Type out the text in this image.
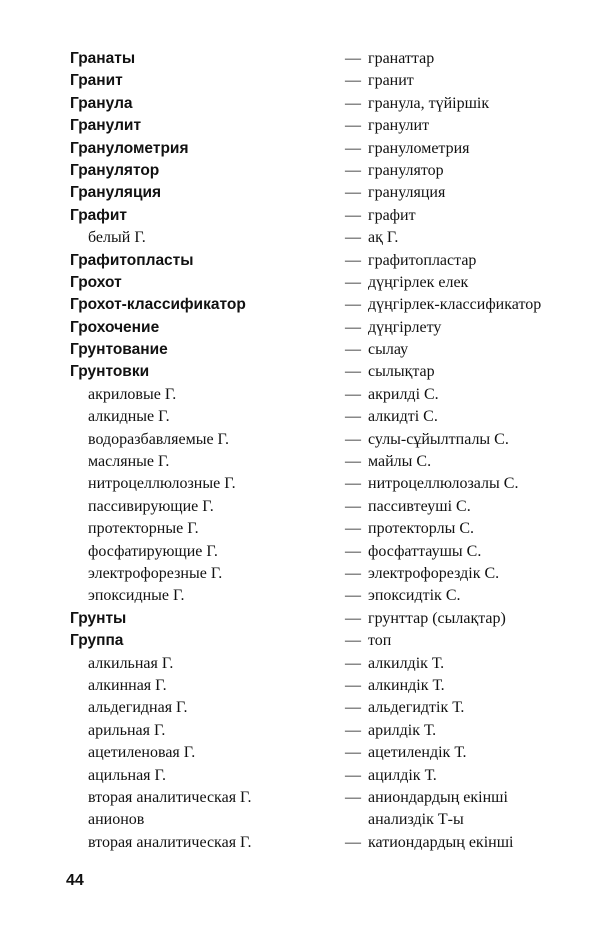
Гранаты	— гранаттар
Гранит	— гранит
Гранула	— гранула, түйіршік
Гранулит	— гранулит
Гранулометрия	— гранулометрия
Гранулятор	— гранулятор
Грануляция	— грануляция
Графит	— графит
белый Г.	— ақ Г.
Графитопласты	— графитопластар
Грохот	— дүңгірлек елек
Грохот-классификатор	— дүңгірлек-классификатор
Грохочение	— дүңгірлету
Грунтование	— сылау
Грунтовки	— сылықтар
акриловые Г.	— акрилді С.
алкидные Г.	— алкидті С.
водоразбавляемые Г.	— сулы-сұйылтпалы С.
масляные Г.	— майлы С.
нитроцеллюлозные Г.	— нитроцеллюлозалы С.
пассивирующие Г.	— пассивтеуші С.
протекторные Г.	— протекторлы С.
фосфатирующие Г.	— фосфаттаушы С.
электрофорезные Г.	— электрофорездік С.
эпоксидные Г.	— эпоксидтік С.
Грунты	— грунттар (сылақтар)
Группа	— топ
алкильная Г.	— алкилдік Т.
алкинная Г.	— алкиндік Т.
альдегидная Г.	— альдегидтік Т.
арильная Г.	— арилдік Т.
ацетиленовая Г.	— ацетилендік Т.
ацильная Г.	— ацилдік Т.
вторая аналитическая Г.	— аниондардың екінші
анионов	анализдік Т-ы
вторая аналитическая Г.	— катиондардың екінші
44
